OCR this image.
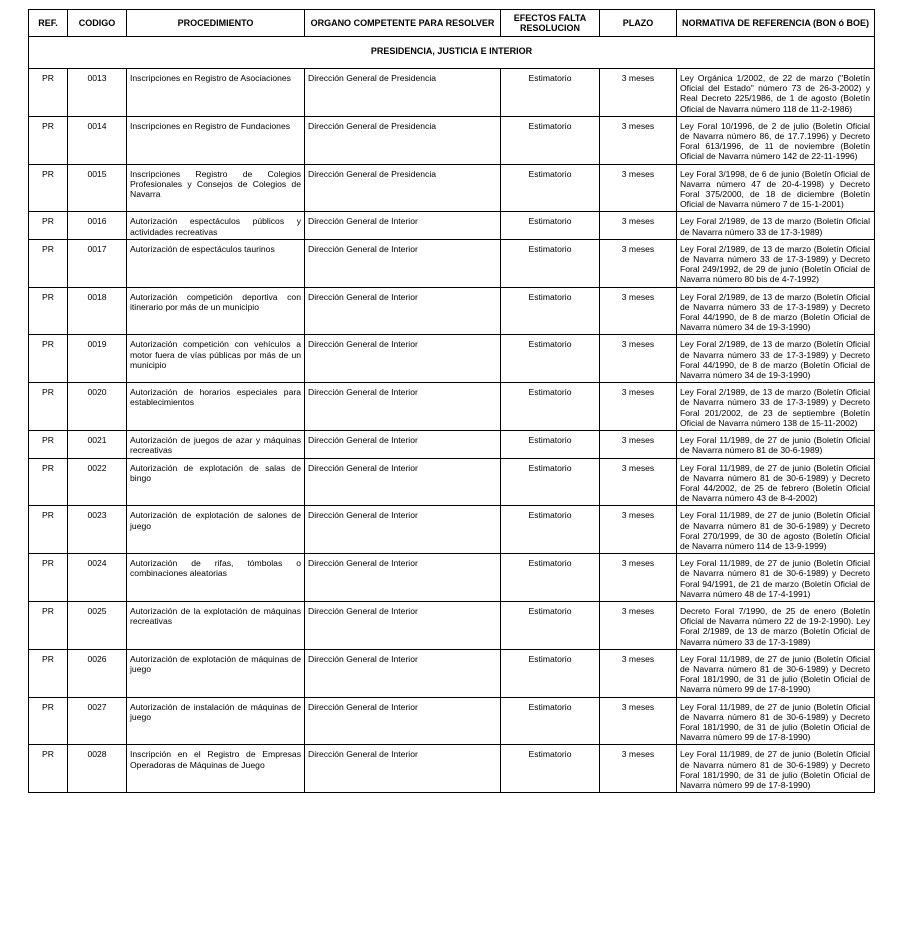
REF.	CODIGO	PROCEDIMIENTO	ORGANO COMPETENTE PARA RESOLVER	EFECTOS FALTA RESOLUCION	PLAZO	NORMATIVA DE REFERENCIA (BON ó BOE)
PRESIDENCIA, JUSTICIA E INTERIOR						
PR	0013	Inscripciones en Registro de Asociaciones	Dirección General de Presidencia	Estimatorio	3 meses	Ley Orgánica 1/2002, de 22 de marzo ("Boletín Oficial del Estado" número 73 de 26-3-2002) y Real Decreto 225/1986, de 1 de agosto (Boletín Oficial de Navarra número 118 de 11-2-1986)
PR	0014	Inscripciones en Registro de Fundaciones	Dirección General de Presidencia	Estimatorio	3 meses	Ley Foral 10/1996, de 2 de julio (Boletín Oficial de Navarra número 86, de 17.7.1996) y Decreto Foral 613/1996, de 11 de noviembre (Boletín Oficial de Navarra número 142 de 22-11-1996)
PR	0015	Inscripciones Registro de Colegios Profesionales y Consejos de Colegios de Navarra	Dirección General de Presidencia	Estimatorio	3 meses	Ley Foral 3/1998, de 6 de junio (Boletín Oficial de Navarra número 47 de 20-4-1998) y Decreto Foral 375/2000, de 18 de diciembre (Boletín Oficial de Navarra número 7 de 15-1-2001)
PR	0016	Autorización espectáculos públicos y actividades recreativas	Dirección General de Interior	Estimatorio	3 meses	Ley Foral 2/1989, de 13 de marzo (Boletín Oficial de Navarra número 33 de 17-3-1989)
PR	0017	Autorización de espectáculos taurinos	Dirección General de Interior	Estimatorio	3 meses	Ley Foral 2/1989, de 13 de marzo (Boletín Oficial de Navarra número 33 de 17-3-1989) y Decreto Foral 249/1992, de 29 de junio (Boletín Oficial de Navarra número 80 bis de 4-7-1992)
PR	0018	Autorización competición deportiva con itinerario por más de un municipio	Dirección General de Interior	Estimatorio	3 meses	Ley Foral 2/1989, de 13 de marzo (Boletín Oficial de Navarra número 33 de 17-3-1989) y Decreto Foral 44/1990, de 8 de marzo (Boletín Oficial de Navarra número 34 de 19-3-1990)
PR	0019	Autorización competición con vehículos a motor fuera de vías públicas por más de un municipio	Dirección General de Interior	Estimatorio	3 meses	Ley Foral 2/1989, de 13 de marzo (Boletín Oficial de Navarra número 33 de 17-3-1989) y Decreto Foral 44/1990, de 8 de marzo (Boletín Oficial de Navarra número 34 de 19-3-1990)
PR	0020	Autorización de horarios especiales para establecimientos	Dirección General de Interior	Estimatorio	3 meses	Ley Foral 2/1989, de 13 de marzo (Boletín Oficial de Navarra número 33 de 17-3-1989) y Decreto Foral 201/2002, de 23 de septiembre (Boletín Oficial de Navarra número 138 de 15-11-2002)
PR	0021	Autorización de juegos de azar y máquinas recreativas	Dirección General de Interior	Estimatorio	3 meses	Ley Foral 11/1989, de 27 de junio (Boletín Oficial de Navarra número 81 de 30-6-1989)
PR	0022	Autorización de explotación de salas de bingo	Dirección General de Interior	Estimatorio	3 meses	Ley Foral 11/1989, de 27 de junio (Boletín Oficial de Navarra número 81 de 30-6-1989) y Decreto Foral 44/2002, de 25 de febrero (Boletín Oficial de Navarra número 43 de 8-4-2002)
PR	0023	Autorización de explotación de salones de juego	Dirección General de Interior	Estimatorio	3 meses	Ley Foral 11/1989, de 27 de junio (Boletín Oficial de Navarra número 81 de 30-6-1989) y Decreto Foral 270/1999, de 30 de agosto (Boletín Oficial de Navarra número 114 de 13-9-1999)
PR	0024	Autorización de rifas, tómbolas o combinaciones aleatorias	Dirección General de Interior	Estimatorio	3 meses	Ley Foral 11/1989, de 27 de junio (Boletín Oficial de Navarra número 81 de 30-6-1989) y Decreto Foral 94/1991, de 21 de marzo (Boletín Oficial de Navarra número 48 de 17-4-1991)
PR	0025	Autorización de la explotación de máquinas recreativas	Dirección General de Interior	Estimatorio	3 meses	Decreto Foral 7/1990, de 25 de enero (Boletín Oficial de Navarra número 22 de 19-2-1990). Ley Foral 2/1989, de 13 de marzo (Boletín Oficial de Navarra número 33 de 17-3-1989)
PR	0026	Autorización de explotación de máquinas de juego	Dirección General de Interior	Estimatorio	3 meses	Ley Foral 11/1989, de 27 de junio (Boletín Oficial de Navarra número 81 de 30-6-1989) y Decreto Foral 181/1990, de 31 de julio (Boletín Oficial de Navarra número 99 de 17-8-1990)
PR	0027	Autorización de instalación de máquinas de juego	Dirección General de Interior	Estimatorio	3 meses	Ley Foral 11/1989, de 27 de junio (Boletín Oficial de Navarra número 81 de 30-6-1989) y Decreto Foral 181/1990, de 31 de julio (Boletín Oficial de Navarra número 99 de 17-8-1990)
PR	0028	Inscripción en el Registro de Empresas Operadoras de Máquinas de Juego	Dirección General de Interior	Estimatorio	3 meses	Ley Foral 11/1989, de 27 de junio (Boletín Oficial de Navarra número 81 de 30-6-1989) y Decreto Foral 181/1990, de 31 de julio (Boletín Oficial de Navarra número 99 de 17-8-1990)
